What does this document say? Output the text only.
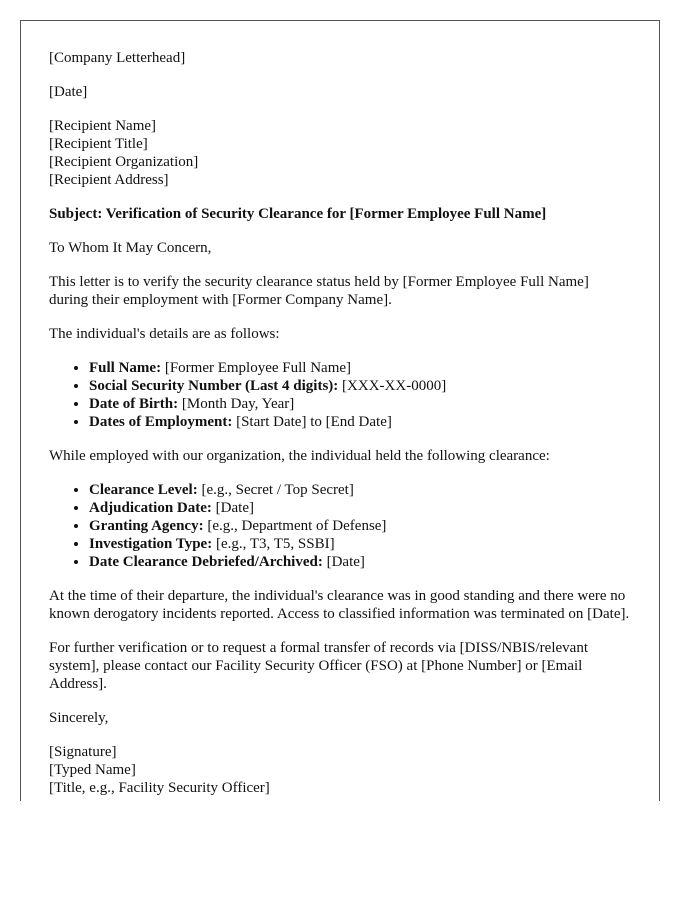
[Company Letterhead]

[Date]

[Recipient Name]
[Recipient Title]
[Recipient Organization]
[Recipient Address]

Subject: Verification of Security Clearance for [Former Employee Full Name]

To Whom It May Concern,

This letter is to verify the security clearance status held by [Former Employee Full Name] during their employment with [Former Company Name].

The individual's details are as follows:

• Full Name: [Former Employee Full Name]
• Social Security Number (Last 4 digits): [XXX-XX-0000]
• Date of Birth: [Month Day, Year]
• Dates of Employment: [Start Date] to [End Date]

While employed with our organization, the individual held the following clearance:

• Clearance Level: [e.g., Secret / Top Secret]
• Adjudication Date: [Date]
• Granting Agency: [e.g., Department of Defense]
• Investigation Type: [e.g., T3, T5, SSBI]
• Date Clearance Debriefed/Archived: [Date]

At the time of their departure, the individual's clearance was in good standing and there were no known derogatory incidents reported. Access to classified information was terminated on [Date].

For further verification or to request a formal transfer of records via [DISS/NBIS/relevant system], please contact our Facility Security Officer (FSO) at [Phone Number] or [Email Address].

Sincerely,

[Signature]
[Typed Name]
[Title, e.g., Facility Security Officer]
